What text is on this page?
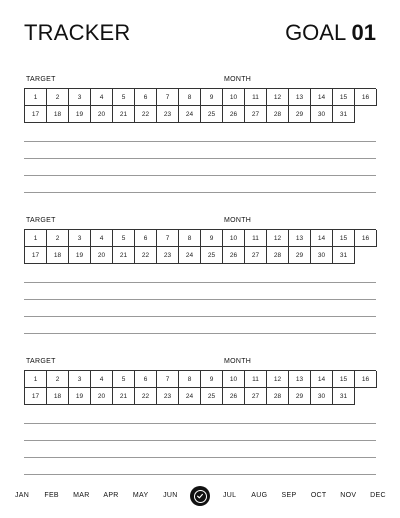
TRACKER	GOAL 01
TARGET	MONTH
1	2	3	4	5	6	7	8	9	10	11	12	13	14	15	16
17	18	19	20	21	22	23	24	25	26	27	28	29	30	31
TARGET	MONTH
1	2	3	4	5	6	7	8	9	10	11	12	13	14	15	16
17	18	19	20	21	22	23	24	25	26	27	28	29	30	31
TARGET	MONTH
1	2	3	4	5	6	7	8	9	10	11	12	13	14	15	16
17	18	19	20	21	22	23	24	25	26	27	28	29	30	31
JAN	FEB	MAR	APR	MAY	JUN	JUL	AUG	SEP	OCT	NOV	DEC
